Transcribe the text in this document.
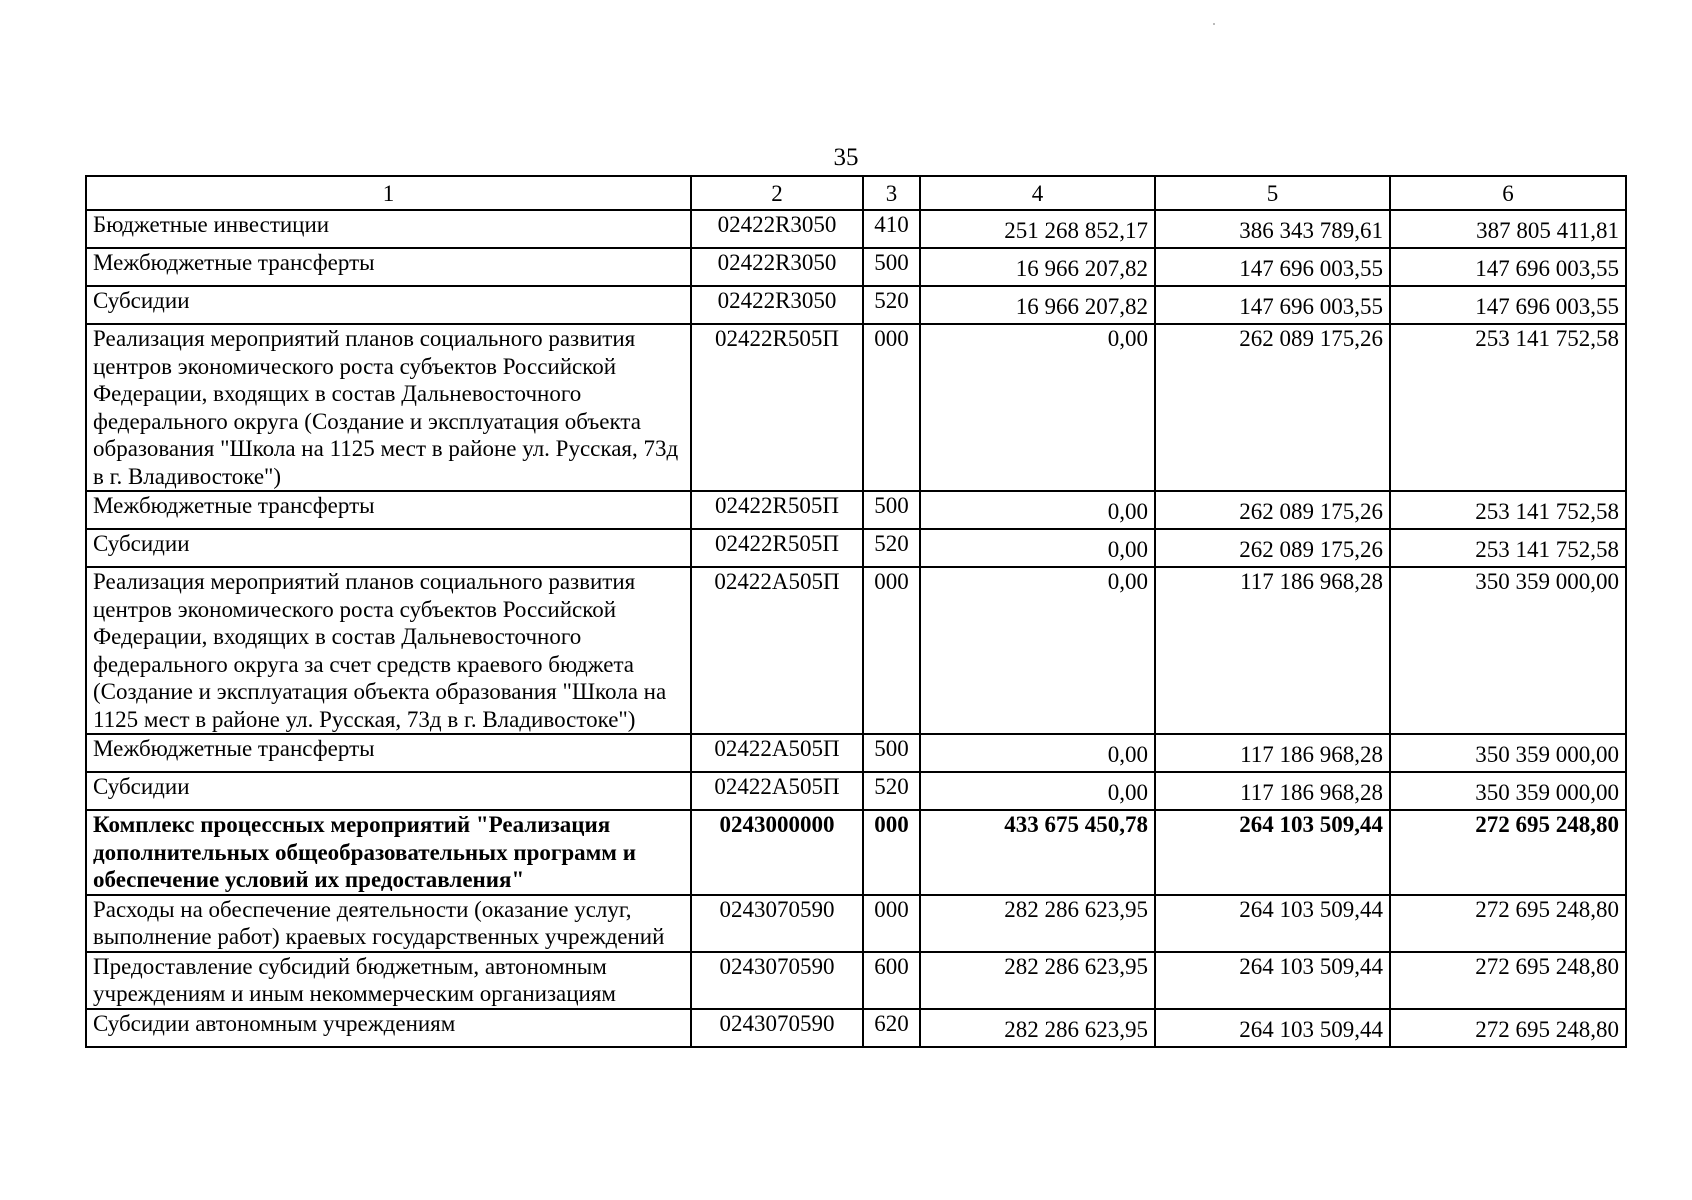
35
1	2	3	4	5	6
Бюджетные инвестиции	02422R3050	410	251 268 852,17	386 343 789,61	387 805 411,81
Межбюджетные трансферты	02422R3050	500	16 966 207,82	147 696 003,55	147 696 003,55
Субсидии	02422R3050	520	16 966 207,82	147 696 003,55	147 696 003,55
Реализация мероприятий планов социального развития центров экономического роста субъектов Российской Федерации, входящих в состав Дальневосточного федерального округа (Создание и эксплуатация объекта образования "Школа на 1125 мест в районе ул. Русская, 73д в г. Владивостоке")	02422R505П	000	0,00	262 089 175,26	253 141 752,58
Межбюджетные трансферты	02422R505П	500	0,00	262 089 175,26	253 141 752,58
Субсидии	02422R505П	520	0,00	262 089 175,26	253 141 752,58
Реализация мероприятий планов социального развития центров экономического роста субъектов Российской Федерации, входящих в состав Дальневосточного федерального округа за счет средств краевого бюджета (Создание и эксплуатация объекта образования "Школа на 1125 мест в районе ул. Русская, 73д в г. Владивостоке")	02422А505П	000	0,00	117 186 968,28	350 359 000,00
Межбюджетные трансферты	02422А505П	500	0,00	117 186 968,28	350 359 000,00
Субсидии	02422А505П	520	0,00	117 186 968,28	350 359 000,00
Комплекс процессных мероприятий "Реализация дополнительных общеобразовательных программ и обеспечение условий их предоставления"	0243000000	000	433 675 450,78	264 103 509,44	272 695 248,80
Расходы на обеспечение деятельности (оказание услуг, выполнение работ) краевых государственных учреждений	0243070590	000	282 286 623,95	264 103 509,44	272 695 248,80
Предоставление субсидий бюджетным, автономным учреждениям и иным некоммерческим организациям	0243070590	600	282 286 623,95	264 103 509,44	272 695 248,80
Субсидии автономным учреждениям	0243070590	620	282 286 623,95	264 103 509,44	272 695 248,80
